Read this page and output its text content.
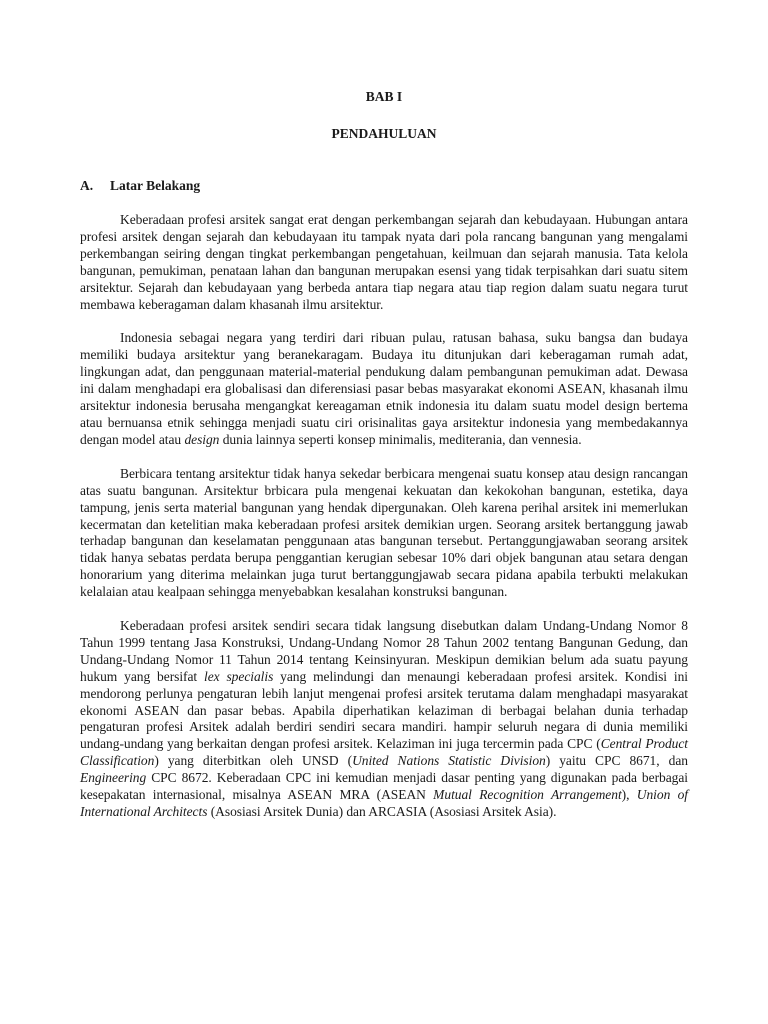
BAB I

PENDAHULUAN

A.	Latar Belakang

Keberadaan profesi arsitek sangat erat dengan perkembangan sejarah dan kebudayaan. Hubungan antara profesi arsitek dengan sejarah dan kebudayaan itu tampak nyata dari pola rancang bangunan yang mengalami perkembangan seiring dengan tingkat perkembangan pengetahuan, keilmuan dan sejarah manusia. Tata kelola bangunan, pemukiman, penataan lahan dan bangunan merupakan esensi yang tidak terpisahkan dari suatu sitem arsitektur. Sejarah dan kebudayaan yang berbeda antara tiap negara atau tiap region dalam suatu negara turut membawa keberagaman dalam khasanah ilmu arsitektur.

Indonesia sebagai negara yang terdiri dari ribuan pulau, ratusan bahasa, suku bangsa dan budaya memiliki budaya arsitektur yang beranekaragam. Budaya itu ditunjukan dari keberagaman rumah adat, lingkungan adat, dan penggunaan material-material pendukung dalam pembangunan pemukiman adat. Dewasa ini dalam menghadapi era globalisasi dan diferensiasi pasar bebas masyarakat ekonomi ASEAN, khasanah ilmu arsitektur indonesia berusaha mengangkat kereagaman etnik indonesia itu dalam suatu model design bertema atau bernuansa etnik sehingga menjadi suatu ciri orisinalitas gaya arsitektur indonesia yang membedakannya dengan model atau design dunia lainnya seperti konsep minimalis, mediterania, dan vennesia.

Berbicara tentang arsitektur tidak hanya sekedar berbicara mengenai suatu konsep atau design rancangan atas suatu bangunan. Arsitektur brbicara pula mengenai kekuatan dan kekokohan bangunan, estetika, daya tampung, jenis serta material bangunan yang hendak dipergunakan. Oleh karena perihal arsitek ini memerlukan kecermatan dan ketelitian maka keberadaan profesi arsitek demikian urgen. Seorang arsitek bertanggung jawab terhadap bangunan dan keselamatan penggunaan atas bangunan tersebut. Pertanggungjawaban seorang arsitek tidak hanya sebatas perdata berupa penggantian kerugian sebesar 10% dari objek bangunan atau setara dengan honorarium yang diterima melainkan juga turut bertanggungjawab secara pidana apabila terbukti melakukan kelalaian atau kealpaan sehingga menyebabkan kesalahan konstruksi bangunan.

Keberadaan profesi arsitek sendiri secara tidak langsung disebutkan dalam Undang-Undang Nomor 8 Tahun 1999 tentang Jasa Konstruksi, Undang-Undang Nomor 28 Tahun 2002 tentang Bangunan Gedung, dan Undang-Undang Nomor 11 Tahun 2014 tentang Keinsinyuran. Meskipun demikian belum ada suatu payung hukum yang bersifat lex specialis yang melindungi dan menaungi keberadaan profesi arsitek. Kondisi ini mendorong perlunya pengaturan lebih lanjut mengenai profesi arsitek terutama dalam menghadapi masyarakat ekonomi ASEAN dan pasar bebas. Apabila diperhatikan kelaziman di berbagai belahan dunia terhadap pengaturan profesi Arsitek adalah berdiri sendiri secara mandiri. hampir seluruh negara di dunia memiliki undang-undang yang berkaitan dengan profesi arsitek. Kelaziman ini juga tercermin pada CPC (Central Product Classification) yang diterbitkan oleh UNSD (United Nations Statistic Division) yaitu CPC 8671, dan Engineering CPC 8672. Keberadaan CPC ini kemudian menjadi dasar penting yang digunakan pada berbagai kesepakatan internasional, misalnya ASEAN MRA (ASEAN Mutual Recognition Arrangement), Union of International Architects (Asosiasi Arsitek Dunia) dan ARCASIA (Asosiasi Arsitek Asia).
